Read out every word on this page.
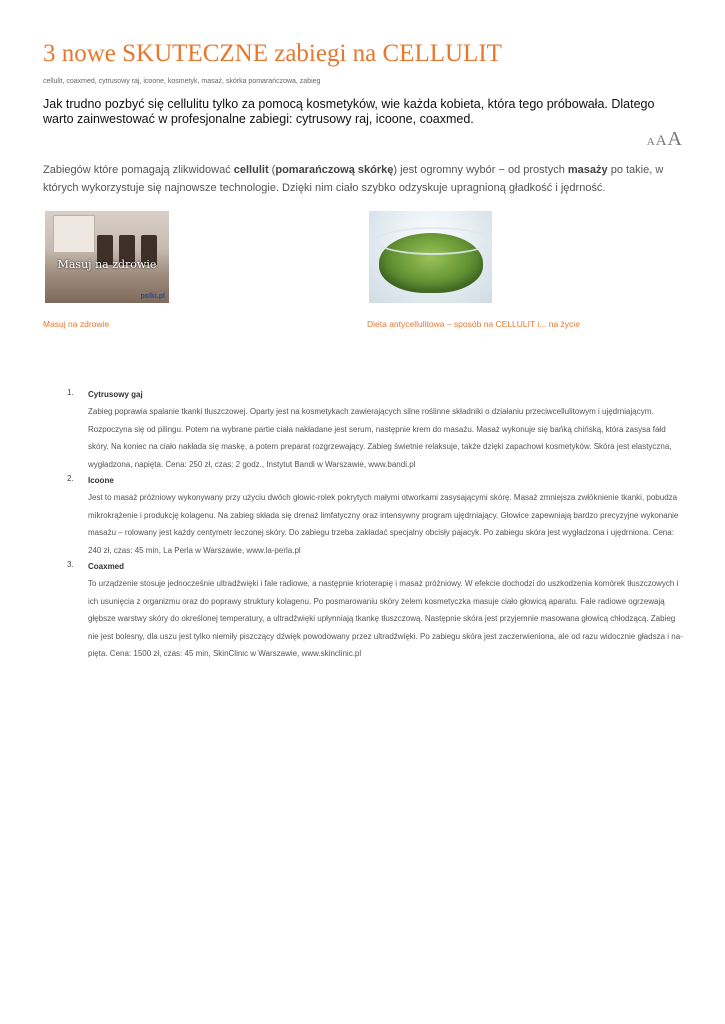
3 nowe SKUTECZNE zabiegi na CELLULIT
cellulit , coaxmed , cytrusowy raj , icoone , kosmetyk , masaż , skórka pomarańczowa , zabieg

Jak trudno pozbyć się cellulitu tylko za pomocą kosmetyków, wie każda kobieta, która tego próbowała. Dlatego warto zainwestować w profesjonalne zabiegi: cytrusowy raj, icoone, coaxmed.

AAA

Zabiegów które pomagają zlikwidować cellulit (pomarańczową skórkę) jest ogromny wybór − od prostych masaży po takie, w których wykorzystuje się najnowsze technologie. Dzięki nim ciało szybko odzyskuje upragnioną gładkość i jędrność.

Masuj na zdrowie
polki.pl
Masuj na zdrowie	Dieta antycellulitowa – sposób na CELLULIT i... na życie
1. Cytrusowy gaj
Zabieg poprawia spalanie tkanki tłuszczowej. Oparty jest na kosmetykach zawierających silne roślinne składniki o działaniu przeciwcellulitowym i ujędrniającym. Rozpoczyna się od pilingu. Potem na wybrane partie ciała nakładane jest serum, następnie krem do masażu. Masaż wykonuje się bańką chińską, która zasysa fałd skóry. Na koniec na ciało nakłada się maskę, a potem preparat rozgrzewający. Zabieg świetnie relaksuje, także dzięki zapachowi kosmetyków. Skóra jest elastyczna, wygładzona, napięta. Cena: 250 zł, czas: 2 godz., Instytut Bandi w Warszawie, www.bandi.pl
2. Icoone
Jest to masaż próżniowy wykonywany przy użyciu dwóch głowic-rolek pokrytych małymi otworkami zasysającymi skórę. Masaż zmniejsza zwłóknienie tkanki, pobudza mikrokrążenie i produkcję kolagenu. Na zabieg składa się drenaż limfatyczny oraz intensywny program ujędrniający. Głowice zapewniają bardzo precyzyjne wykonanie masażu – rolowany jest każdy centymetr leczonej skóry. Do zabiegu trzeba zakładać specjalny obcisły pajacyk. Po zabiegu skóra jest wygładzona i ujędrniona. Cena: 240 zł, czas: 45 min, La Perla w Warszawie, www.la-perla.pl
3. Coaxmed
To urządzenie stosuje jednocześnie ultradźwięki i fale radiowe, a następnie krioterapię i masaż próżniowy. W efekcie dochodzi do uszkodzenia komórek tłuszczowych i ich usunięcia z organizmu oraz do poprawy struktury kolagenu. Po posmarowaniu skóry żelem kosmetyczka masuje ciało głowicą aparatu. Fale radiowe ogrzewają głębsze warstwy skóry do określonej temperatury, a ultradźwięki upłynniają tkankę tłuszczową. Następnie skóra jest przyjemnie masowana głowicą chłodzącą. Zabieg nie jest bolesny, dla uszu jest tylko niemiły piszczący dźwięk powodowany przez ultradźwięki. Po zabiegu skóra jest zaczerwieniona, ale od razu widocznie gładsza i na- pięta. Cena: 1500 zł, czas: 45 min, SkinClinic w Warszawie, www.skinclinic.pl
